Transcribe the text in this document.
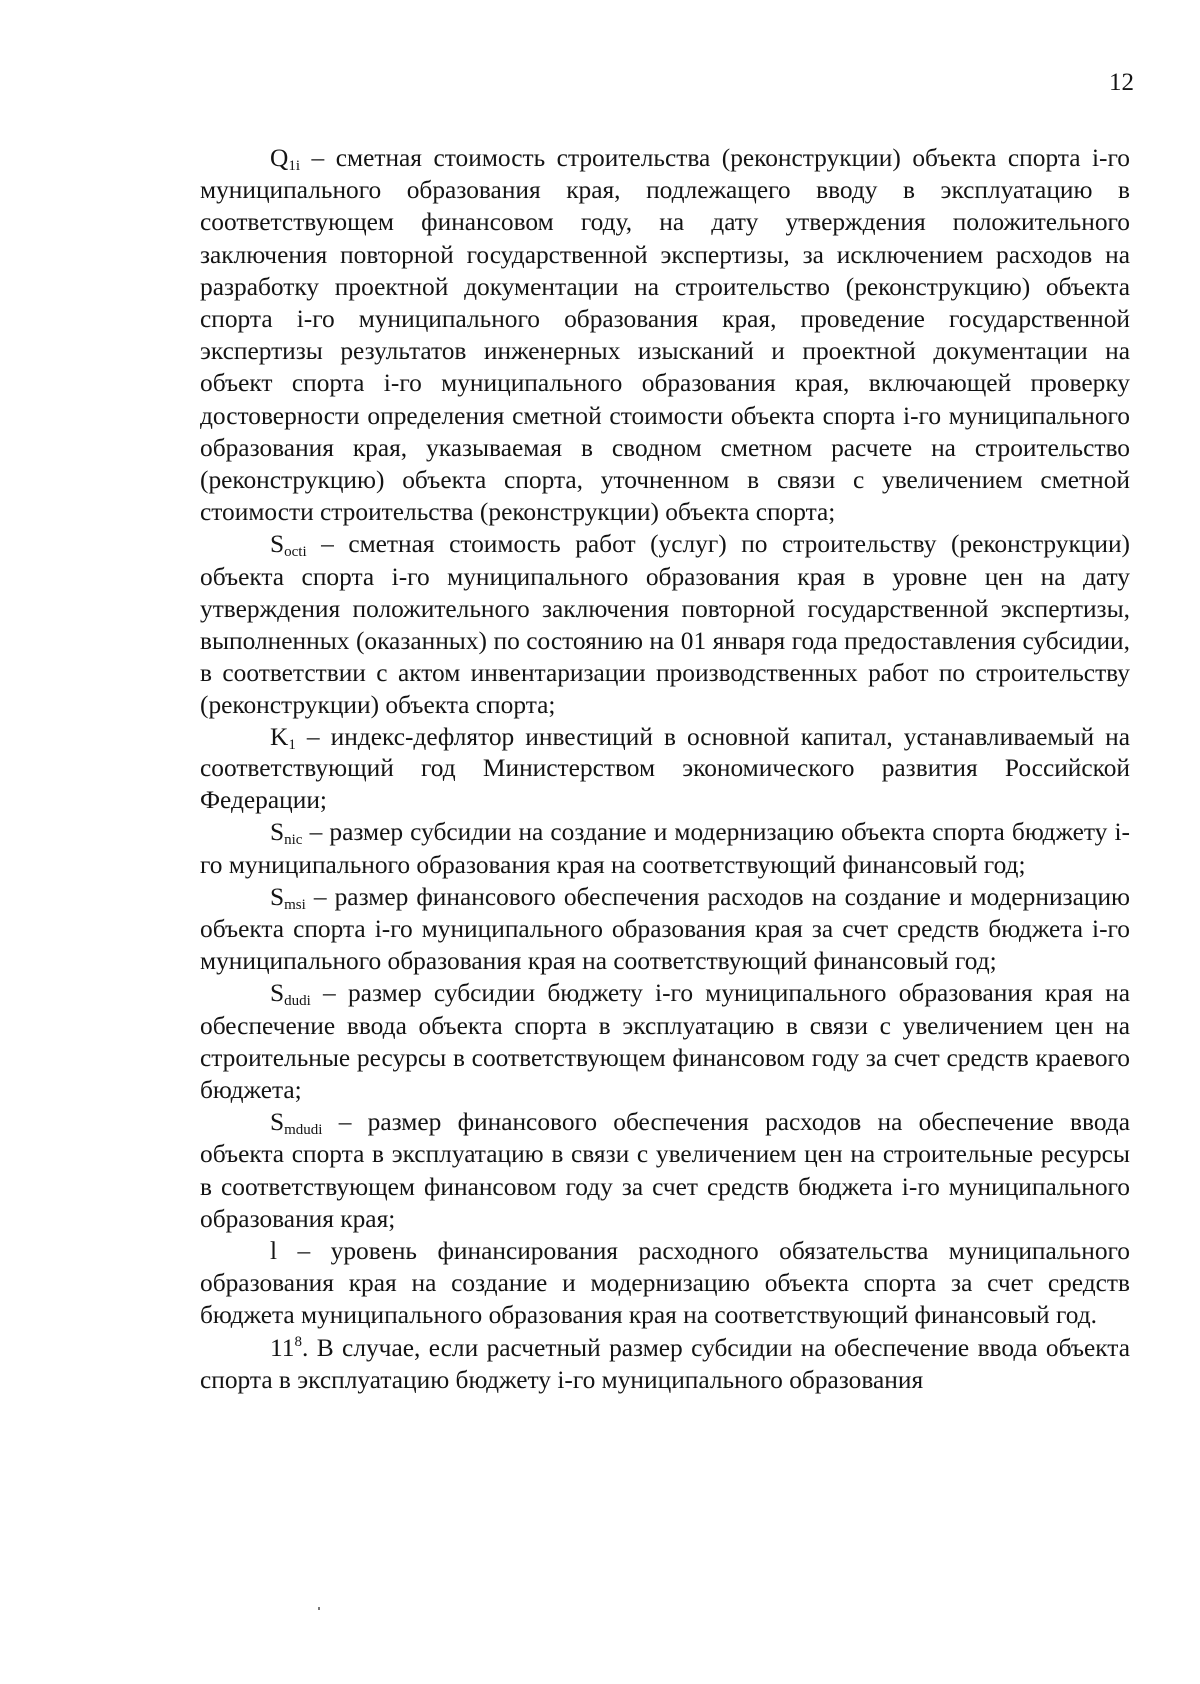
12

$Q_{1i}$ – сметная стоимость строительства (реконструкции) объекта спорта i-го муниципального образования края, подлежащего вводу в эксплуатацию в соответствующем финансовом году, на дату утверждения положительного заключения повторной государственной экспертизы, за исключением расходов на разработку проектной документации на строительство (реконструкцию) объекта спорта i-го муниципального образования края, проведение государственной экспертизы результатов инженерных изысканий и проектной документации на объект спорта i-го муниципального образования края, включающей проверку достоверности определения сметной стоимости объекта спорта i-го муниципального образования края, указываемая в сводном сметном расчете на строительство (реконструкцию) объекта спорта, уточненном в связи с увеличением сметной стоимости строительства (реконструкции) объекта спорта;

$S_{octi}$ – сметная стоимость работ (услуг) по строительству (реконструкции) объекта спорта i-го муниципального образования края в уровне цен на дату утверждения положительного заключения повторной государственной экспертизы, выполненных (оказанных) по состоянию на 01 января года предоставления субсидии, в соответствии с актом инвентаризации производственных работ по строительству (реконструкции) объекта спорта;

$K_1$ – индекс-дефлятор инвестиций в основной капитал, устанавливаемый на соответствующий год Министерством экономического развития Российской Федерации;

$S_{nic}$ – размер субсидии на создание и модернизацию объекта спорта бюджету i-го муниципального образования края на соответствующий финансовый год;

$S_{msi}$ – размер финансового обеспечения расходов на создание и модернизацию объекта спорта i-го муниципального образования края за счет средств бюджета i-го муниципального образования края на соответствующий финансовый год;

$S_{dudi}$ – размер субсидии бюджету i-го муниципального образования края на обеспечение ввода объекта спорта в эксплуатацию в связи с увеличением цен на строительные ресурсы в соответствующем финансовом году за счет средств краевого бюджета;

$S_{mdudi}$ – размер финансового обеспечения расходов на обеспечение ввода объекта спорта в эксплуатацию в связи с увеличением цен на строительные ресурсы в соответствующем финансовом году за счет средств бюджета i-го муниципального образования края;

l – уровень финансирования расходного обязательства муниципального образования края на создание и модернизацию объекта спорта за счет средств бюджета муниципального образования края на соответствующий финансовый год.

$11^8$. В случае, если расчетный размер субсидии на обеспечение ввода объекта спорта в эксплуатацию бюджету i-го муниципального образования
